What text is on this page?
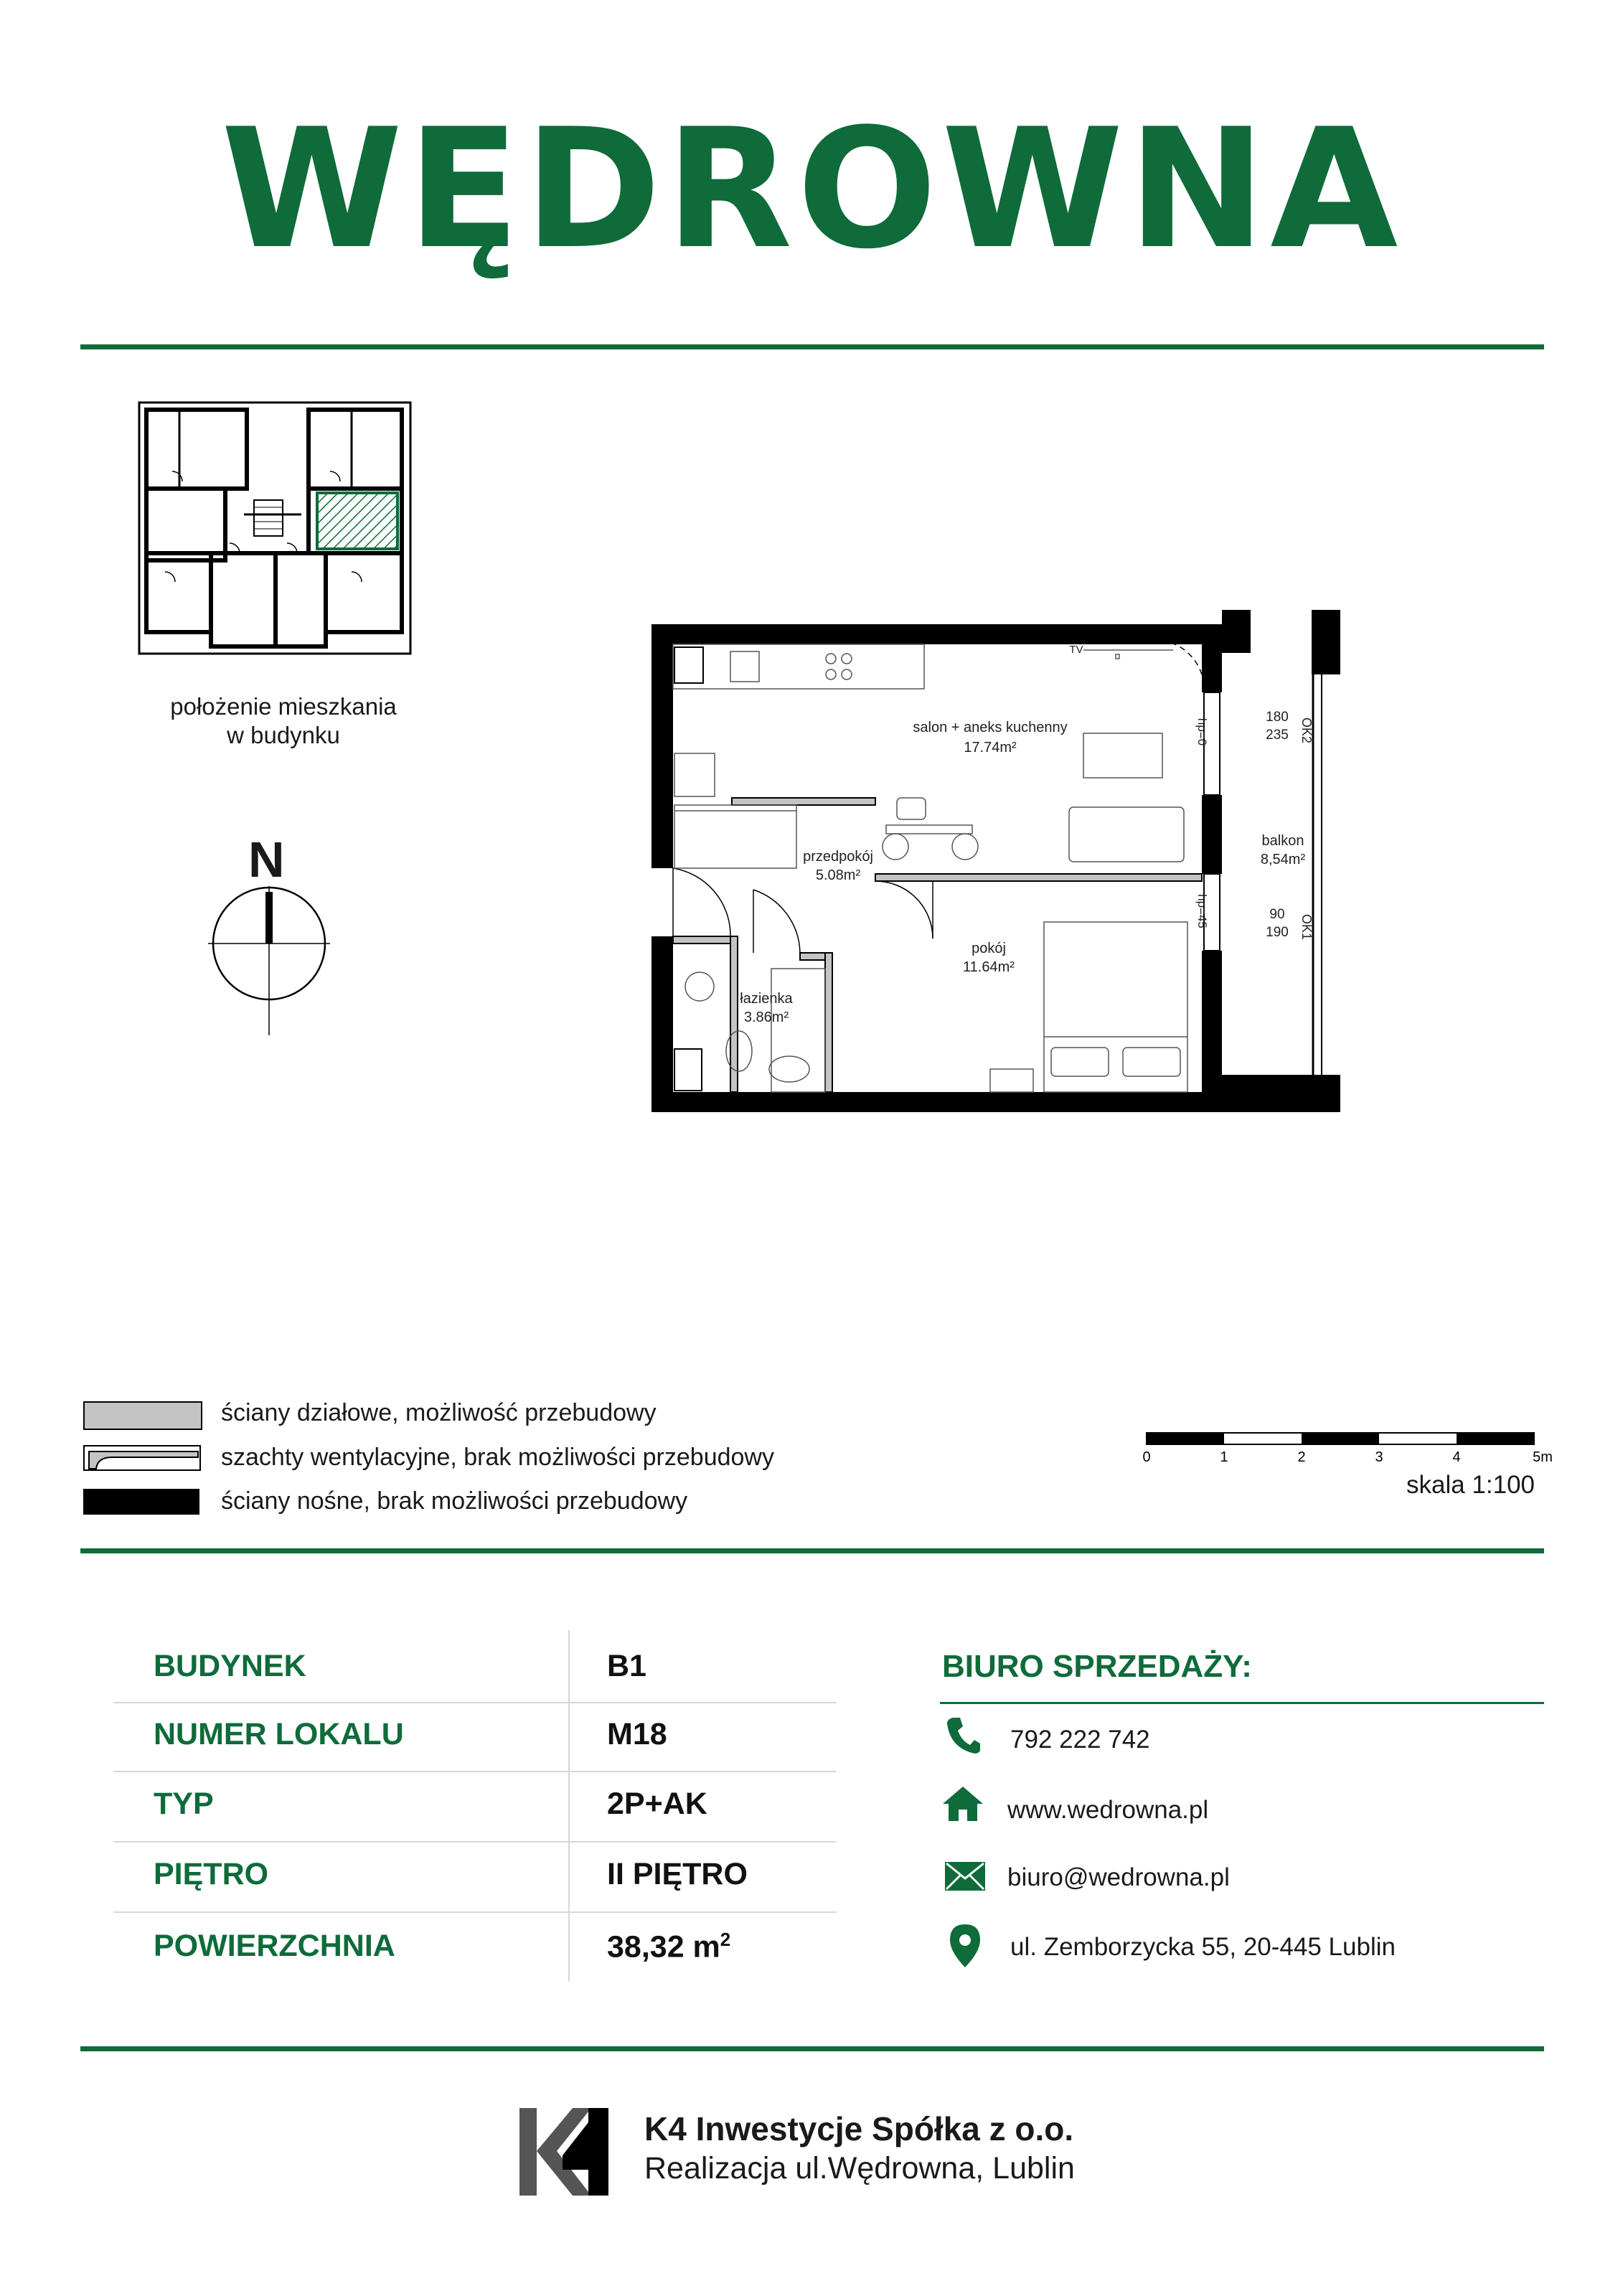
WĘDROWNA
położenie mieszkania
w budynku
N
salon + aneks kuchenny
17.74m²
przedpokój
5.08m²
pokój
11.64m²
łazienka
3.86m²
balkon
8,54m²
TV
180
235
90
190
OK2
OK1
hp=0
hp=45
ściany działowe, możliwość przebudowy
szachty wentylacyjne, brak możliwości przebudowy
ściany nośne, brak możliwości przebudowy
0	1	2	3	4	5m
skala 1:100
BUDYNEK	B1
NUMER LOKALU	M18
TYP	2P+AK
PIĘTRO	II PIĘTRO
POWIERZCHNIA	38,32 $m^2$
BIURO SPRZEDAŻY:
792 222 742
www.wedrowna.pl
biuro@wedrowna.pl
ul. Zemborzycka 55, 20-445 Lublin
K4 Inwestycje Spółka z o.o.
Realizacja ul.Wędrowna, Lublin
